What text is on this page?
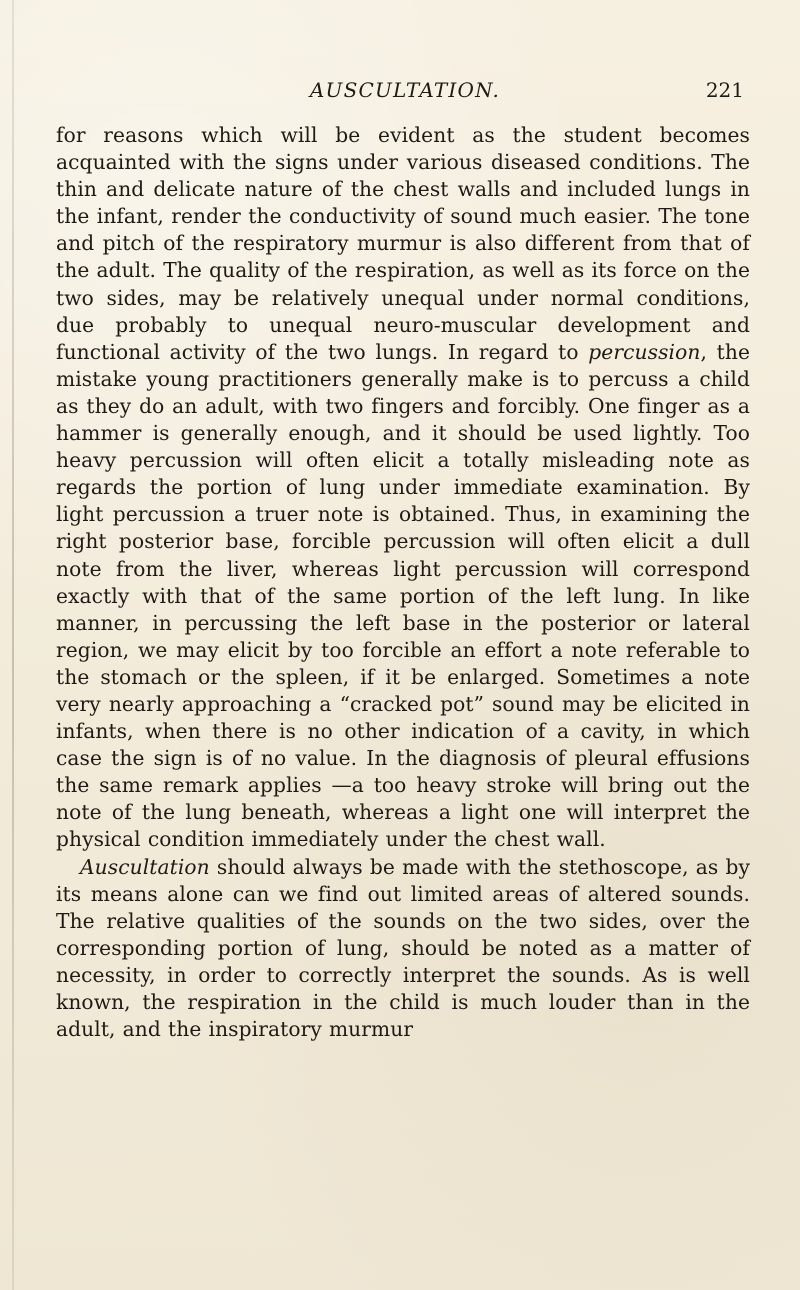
AUSCULTATION.	221

for reasons which will be evident as the student becomes acquainted with the signs under various diseased conditions. The thin and delicate nature of the chest walls and included lungs in the infant, render the conductivity of sound much easier. The tone and pitch of the respiratory murmur is also different from that of the adult. The quality of the respiration, as well as its force on the two sides, may be relatively unequal under normal conditions, due probably to unequal neuro-muscular development and functional activity of the two lungs. In regard to percussion, the mistake young practitioners generally make is to percuss a child as they do an adult, with two fingers and forcibly. One finger as a hammer is generally enough, and it should be used lightly. Too heavy percussion will often elicit a totally misleading note as regards the portion of lung under immediate examination. By light percussion a truer note is obtained. Thus, in examining the right posterior base, forcible percussion will often elicit a dull note from the liver, whereas light percussion will correspond exactly with that of the same portion of the left lung. In like manner, in percussing the left base in the posterior or lateral region, we may elicit by too forcible an effort a note referable to the stomach or the spleen, if it be enlarged. Sometimes a note very nearly approaching a “cracked pot” sound may be elicited in infants, when there is no other indication of a cavity, in which case the sign is of no value. In the diagnosis of pleural effusions the same remark applies —a too heavy stroke will bring out the note of the lung beneath, whereas a light one will interpret the physical condition immediately under the chest wall.

Auscultation should always be made with the stethoscope, as by its means alone can we find out limited areas of altered sounds. The relative qualities of the sounds on the two sides, over the corresponding portion of lung, should be noted as a matter of necessity, in order to correctly interpret the sounds. As is well known, the respiration in the child is much louder than in the adult, and the inspiratory murmur
